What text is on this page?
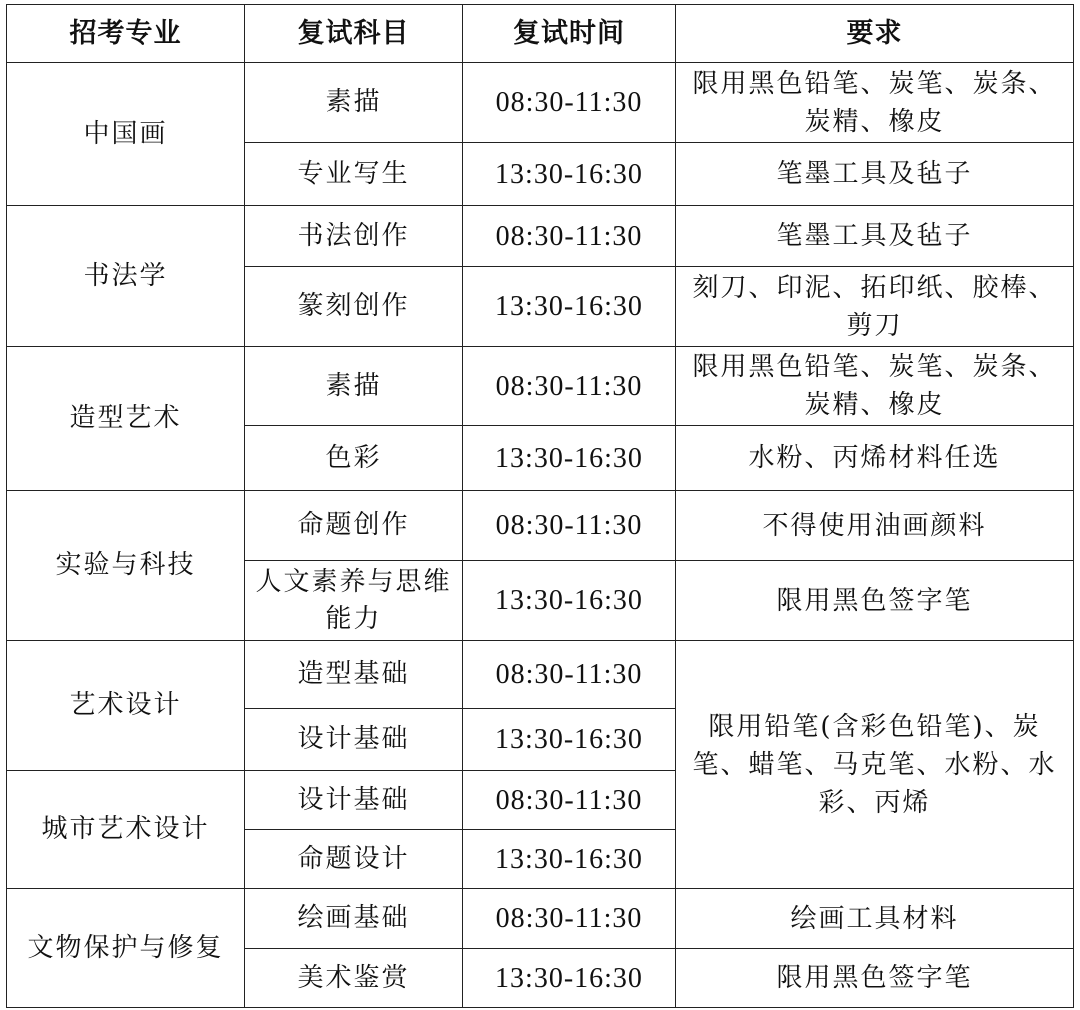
招考专业	复试科目	复试时间	要求
中国画	素描	08:30-11:30	限用黑色铅笔、炭笔、炭条、炭精、橡皮
	专业写生	13:30-16:30	笔墨工具及毡子
书法学	书法创作	08:30-11:30	笔墨工具及毡子
	篆刻创作	13:30-16:30	刻刀、印泥、拓印纸、胶棒、剪刀
造型艺术	素描	08:30-11:30	限用黑色铅笔、炭笔、炭条、炭精、橡皮
	色彩	13:30-16:30	水粉、丙烯材料任选
实验与科技	命题创作	08:30-11:30	不得使用油画颜料
	人文素养与思维能力	13:30-16:30	限用黑色签字笔
艺术设计	造型基础	08:30-11:30	限用铅笔(含彩色铅笔)、炭笔、蜡笔、马克笔、水粉、水彩、丙烯
	设计基础	13:30-16:30	
城市艺术设计	设计基础	08:30-11:30	
	命题设计	13:30-16:30	
文物保护与修复	绘画基础	08:30-11:30	绘画工具材料
	美术鉴赏	13:30-16:30	限用黑色签字笔
